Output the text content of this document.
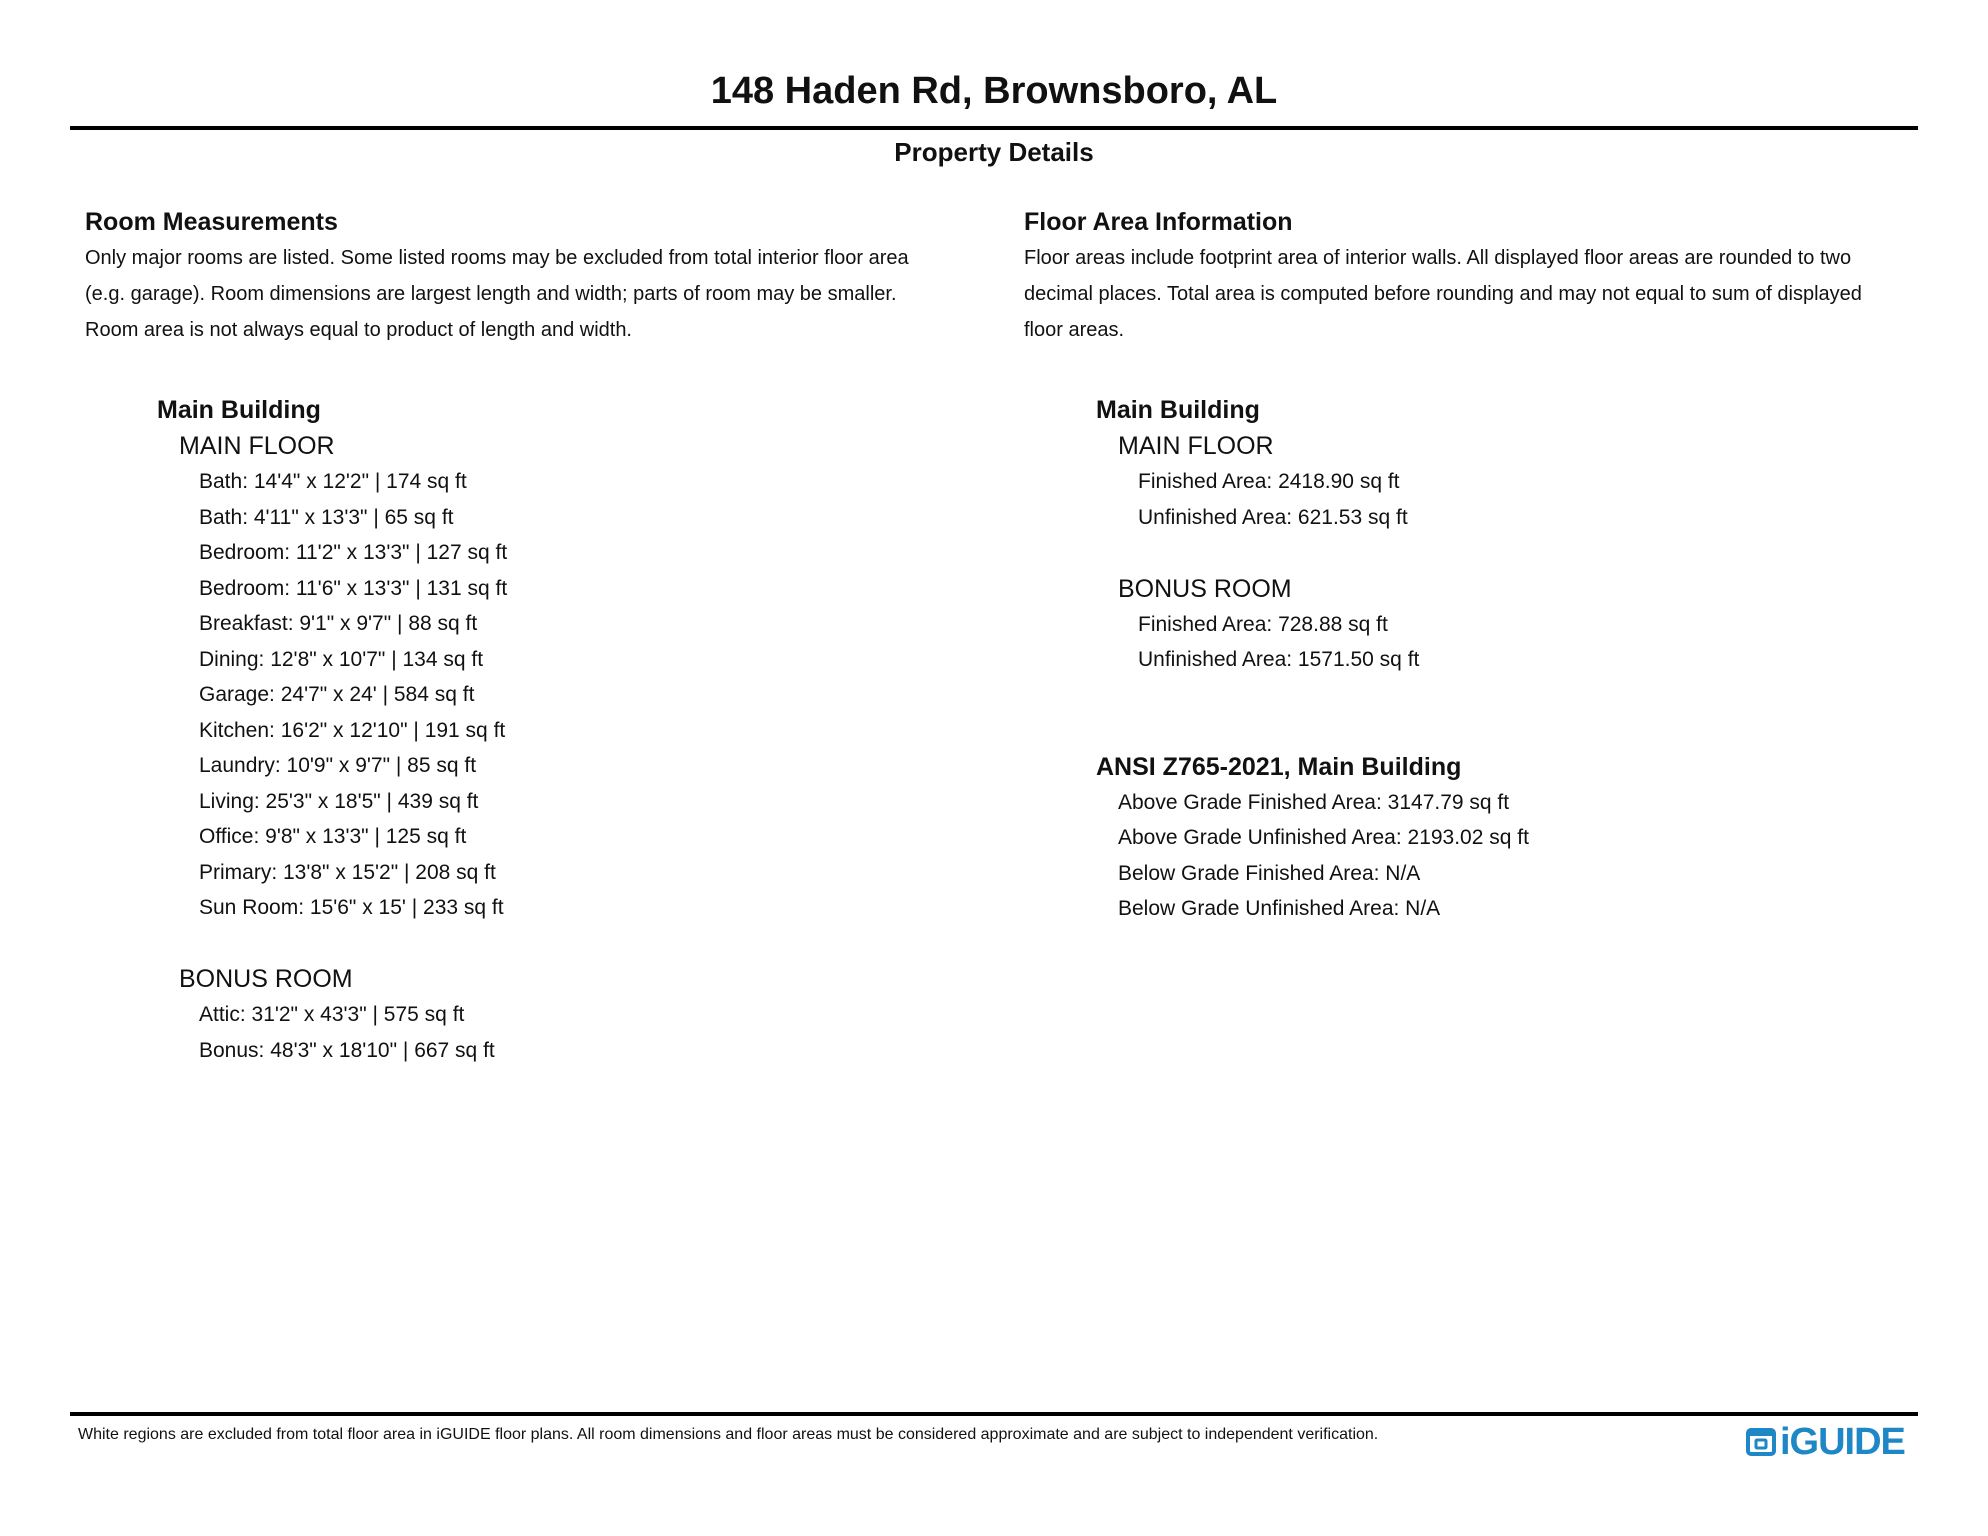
148 Haden Rd, Brownsboro, AL
Property Details
Room Measurements
Only major rooms are listed. Some listed rooms may be excluded from total interior floor area
(e.g. garage). Room dimensions are largest length and width; parts of room may be smaller.
Room area is not always equal to product of length and width.
Main Building
MAIN FLOOR
Bath: 14'4" x 12'2" | 174 sq ft
Bath: 4'11" x 13'3" | 65 sq ft
Bedroom: 11'2" x 13'3" | 127 sq ft
Bedroom: 11'6" x 13'3" | 131 sq ft
Breakfast: 9'1" x 9'7" | 88 sq ft
Dining: 12'8" x 10'7" | 134 sq ft
Garage: 24'7" x 24' | 584 sq ft
Kitchen: 16'2" x 12'10" | 191 sq ft
Laundry: 10'9" x 9'7" | 85 sq ft
Living: 25'3" x 18'5" | 439 sq ft
Office: 9'8" x 13'3" | 125 sq ft
Primary: 13'8" x 15'2" | 208 sq ft
Sun Room: 15'6" x 15' | 233 sq ft
BONUS ROOM
Attic: 31'2" x 43'3" | 575 sq ft
Bonus: 48'3" x 18'10" | 667 sq ft
Floor Area Information
Floor areas include footprint area of interior walls. All displayed floor areas are rounded to two
decimal places. Total area is computed before rounding and may not equal to sum of displayed
floor areas.
Main Building
MAIN FLOOR
Finished Area: 2418.90 sq ft
Unfinished Area: 621.53 sq ft
BONUS ROOM
Finished Area: 728.88 sq ft
Unfinished Area: 1571.50 sq ft
ANSI Z765-2021, Main Building
Above Grade Finished Area: 3147.79 sq ft
Above Grade Unfinished Area: 2193.02 sq ft
Below Grade Finished Area: N/A
Below Grade Unfinished Area: N/A
White regions are excluded from total floor area in iGUIDE floor plans. All room dimensions and floor areas must be considered approximate and are subject to independent verification.	iGUIDE
